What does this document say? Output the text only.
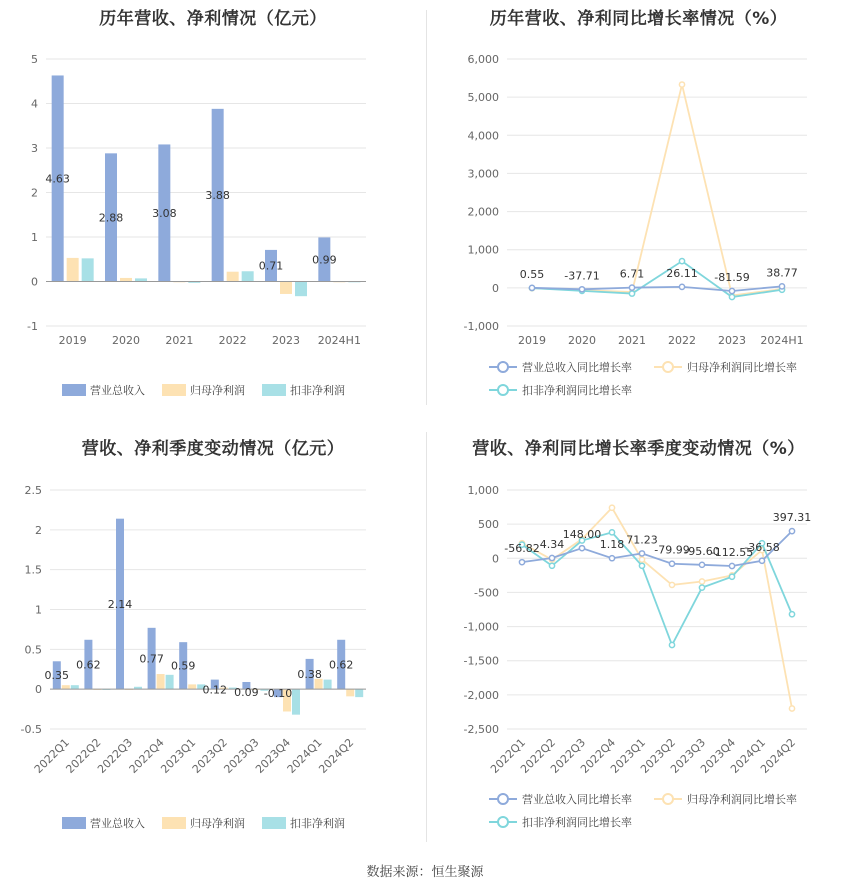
-1
0
1
2
3
4
5
2019 2020 2021 2022 2023 2024H1
4.63
2.88	3.08
3.88
0.71	0.99
营业总收入	归母净利润	扣非净利润
历年营收、净利情况（亿元）
-1,000
0
1,000
2,000
3,000
4,000
5,000
6,000
2019 2020 2021 2022 2023 2024H1
0.55 -37.71 6.71 26.11 -81.59 38.77
营业总收入同比增长率	归母净利润同比增长率
扣非净利润同比增长率
历年营收、净利同比增长率情况（%）
-0.5
0
0.5
1
1.5
2
2.5
2022Q1
2022Q2
2022Q3
2022Q4
2023Q1
2023Q2
2023Q3
2023Q4
2024Q1
2024Q2
0.35
0.62
2.14
0.77
0.59
0.12 0.09 -0.10
0.38
0.62
营业总收入	归母净利润	扣非净利润
营收、净利季度变动情况（亿元）
-2,500
-2,000
-1,500
-1,000
-500
0
500
1,000
2022Q1
2022Q2
2022Q3
2022Q4
2023Q1
2023Q2
2023Q3
2023Q4
2024Q1
2024Q2
-56.82 4.34
148.00
1.18 71.23
-79.99
-95.60
-112.55
-36.58
397.31
营业总收入同比增长率	归母净利润同比增长率
扣非净利润同比增长率
营收、净利同比增长率季度变动情况（%）
数据来源：恒生聚源
